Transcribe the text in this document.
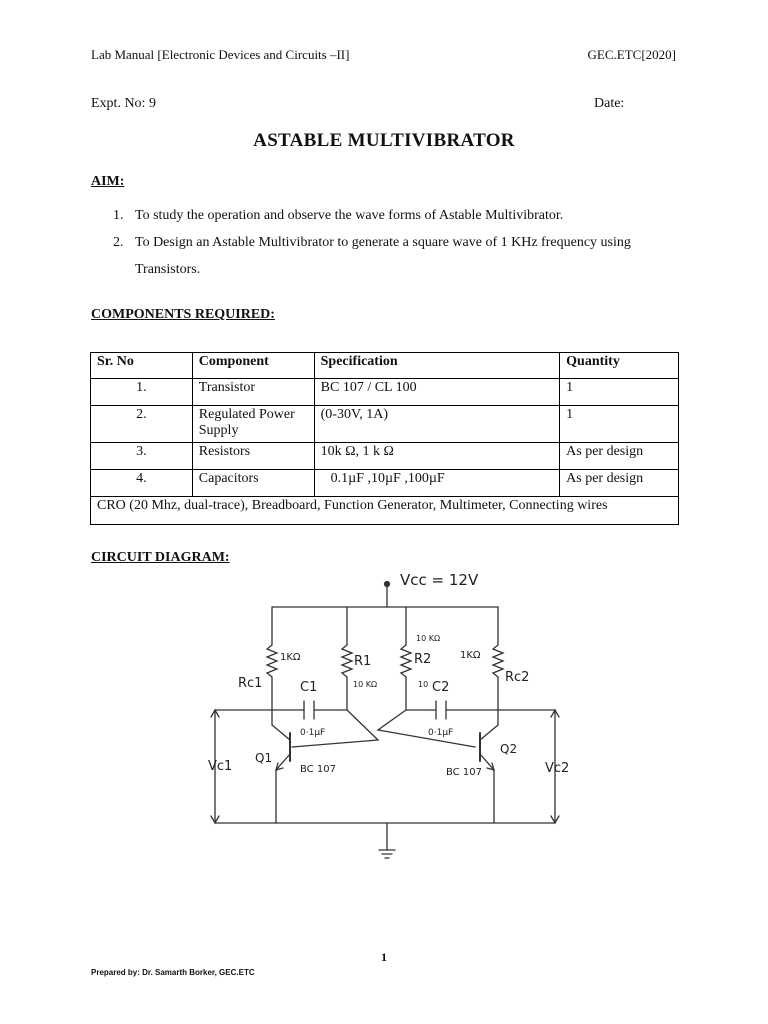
Lab Manual [Electronic Devices and Circuits –II]	GEC.ETC[2020]
Expt. No: 9	Date:
ASTABLE MULTIVIBRATOR
AIM:
1. To study the operation and observe the wave forms of Astable Multivibrator.
2. To Design an Astable Multivibrator to generate a square wave of 1 KHz frequency using Transistors.
COMPONENTS REQUIRED:
Sr. No	Component	Specification	Quantity
1.	Transistor	BC 107 / CL 100	1
2.	Regulated Power Supply	(0-30V, 1A)	1
3.	Resistors	10k Ω, 1 k Ω	As per design
4.	Capacitors	0.1µF ,10µF ,100µF	As per design
CRO (20 Mhz, dual-trace), Breadboard, Function Generator, Multimeter, Connecting wires			
CIRCUIT DIAGRAM:
Vcc = 12V
1KΩ
Rc1
R1
10 KΩ
10 KΩ
R2	1KΩ
Rc2
C1
0·1µF
10 C2
0·1µF
Q1
BC 107
Q2
BC 107
Vc1	Vc2
1
Prepared by: Dr. Samarth Borker, GEC.ETC
